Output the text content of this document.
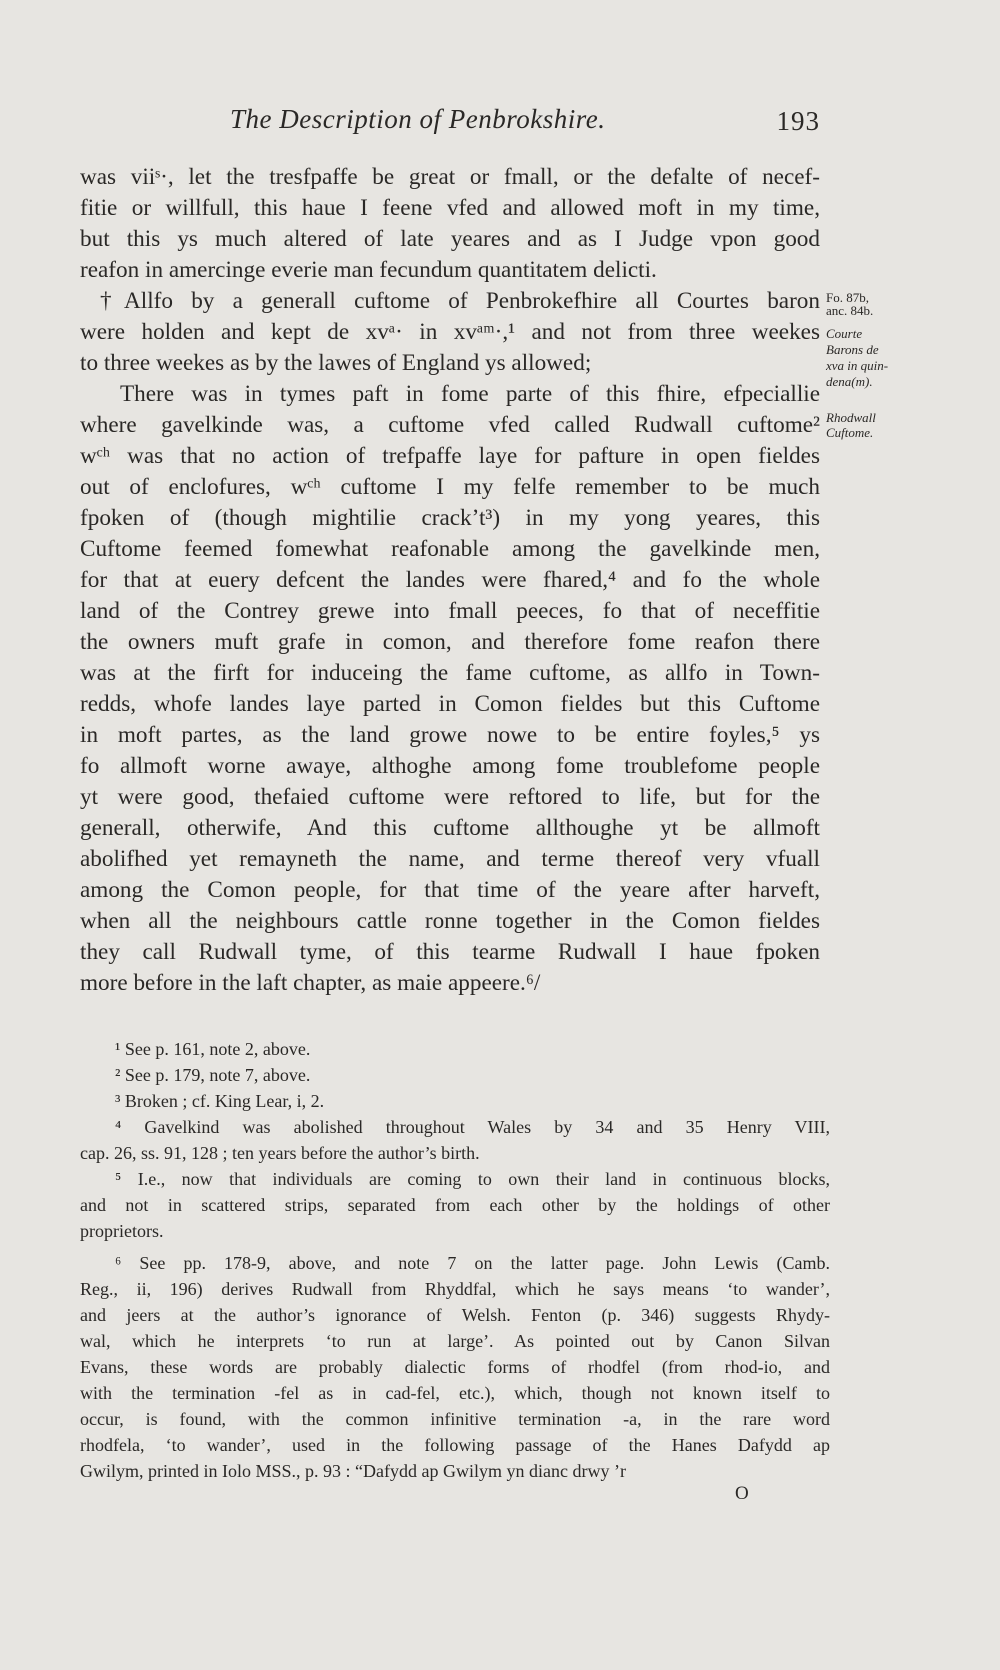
The Description of Penbrokshire.	193
was viiˢ·, let the tresfpaffe be great or fmall, or the defalte of necef-
fitie or willfull, this haue I feene vfed and allowed moft in my time,
but this ys much altered of late yeares and as I Judge vpon good
reafon in amercinge everie man fecundum quantitatem delicti.
†Allfo by a generall cuftome of Penbrokefhire all Courtes baron
were holden and kept de xvᵃ· in xvᵃᵐ·,¹ and not from three weekes
to three weekes as by the lawes of England ys allowed;
There was in tymes paft in fome parte of this fhire, efpeciallie
where gavelkinde was, a cuftome vfed called Rudwall cuftome²
wᶜʰ was that no action of trefpaffe laye for pafture in open fieldes
out of enclofures, wᶜʰ cuftome I my felfe remember to be much
fpoken of (though mightilie crack’t³) in my yong yeares, this
Cuftome feemed fomewhat reafonable among the gavelkinde men,
for that at euery defcent the landes were fhared,⁴ and fo the whole
land of the Contrey grewe into fmall peeces, fo that of neceffitie
the owners muft grafe in comon, and therefore fome reafon there
was at the firft for induceing the fame cuftome, as allfo in Town-
redds, whofe landes laye parted in Comon fieldes but this Cuftome
in moft partes, as the land growe nowe to be entire foyles,⁵ ys
fo allmoft worne awaye, althoghe among fome troublefome people
yt were good, thefaied cuftome were reftored to life, but for the
generall, otherwife, And this cuftome allthoughe yt be allmoft
abolifhed yet remayneth the name, and terme thereof very vfuall
among the Comon people, for that time of the yeare after harveft,
when all the neighbours cattle ronne together in the Comon fieldes
they call Rudwall tyme, of this tearme Rudwall I haue fpoken
more before in the laft chapter, as maie appeere.⁶/
Fo. 87b,
anc. 84b.
Courte
Barons de
xva in quin-
dena(m).
Rhodwall
Cuftome.
¹ See p. 161, note 2, above.
² See p. 179, note 7, above.
³ Broken ; cf. King Lear, i, 2.
⁴ Gavelkind was abolished throughout Wales by 34 and 35 Henry VIII,
cap. 26, ss. 91, 128 ; ten years before the author’s birth.
⁵ I.e., now that individuals are coming to own their land in continuous blocks,
and not in scattered strips, separated from each other by the holdings of other
proprietors.
⁶ See pp. 178-9, above, and note 7 on the latter page. John Lewis (Camb.
Reg., ii, 196) derives Rudwall from Rhyddfal, which he says means ‘to wander’,
and jeers at the author’s ignorance of Welsh. Fenton (p. 346) suggests Rhydy-
wal, which he interprets ‘to run at large’. As pointed out by Canon Silvan
Evans, these words are probably dialectic forms of rhodfel (from rhod-io, and
with the termination -fel as in cad-fel, etc.), which, though not known itself to
occur, is found, with the common infinitive termination -a, in the rare word
rhodfela, ‘to wander’, used in the following passage of the Hanes Dafydd ap
Gwilym, printed in Iolo MSS., p. 93 : “Dafydd ap Gwilym yn dianc drwy ’r
O
